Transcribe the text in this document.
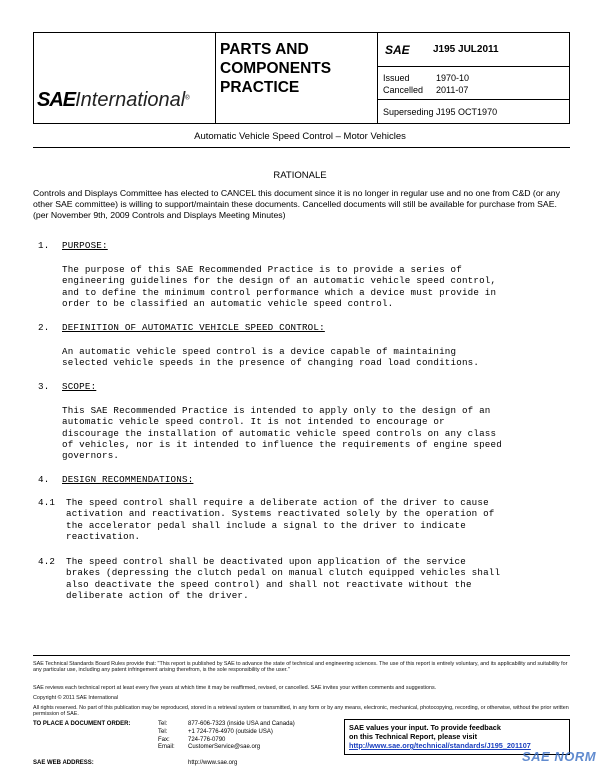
SAEInternational®
PARTS AND
COMPONENTS
PRACTICE
SAE J195 JUL2011
Issued	1970-10
Cancelled 2011-07
Superseding J195 OCT1970
Automatic Vehicle Speed Control – Motor Vehicles
RATIONALE
Controls and Displays Committee has elected to CANCEL this document since it is no longer in regular use and no one from C&D (or any other SAE committee) is willing to support/maintain these documents. Cancelled documents will still be available for purchase from SAE. (per November 9th, 2009 Controls and Displays Meeting Minutes)
1. PURPOSE:
The purpose of this SAE Recommended Practice is to provide a series of
engineering guidelines for the design of an automatic vehicle speed control,
and to define the minimum control performance which a device must provide in
order to be classified an automatic vehicle speed control.
2. DEFINITION OF AUTOMATIC VEHICLE SPEED CONTROL:
An automatic vehicle speed control is a device capable of maintaining
selected vehicle speeds in the presence of changing road load conditions.
3. SCOPE:
This SAE Recommended Practice is intended to apply only to the design of an
automatic vehicle speed control. It is not intended to encourage or
discourage the installation of automatic vehicle speed controls on any class
of vehicles, nor is it intended to influence the requirements of engine speed
governors.
4. DESIGN RECOMMENDATIONS:
4.1 The speed control shall require a deliberate action of the driver to cause
activation and reactivation. Systems reactivated solely by the operation of
the accelerator pedal shall include a signal to the driver to indicate
reactivation.
4.2 The speed control shall be deactivated upon application of the service
brakes (depressing the clutch pedal on manual clutch equipped vehicles shall
also deactivate the speed control) and shall not reactivate without the
deliberate action of the driver.
SAE Technical Standards Board Rules provide that: "This report is published by SAE to advance the state of technical and engineering sciences. The use of this report is entirely voluntary, and its applicability and suitability for any particular use, including any patent infringement arising therefrom, is the sole responsibility of the user."
SAE reviews each technical report at least every five years at which time it may be reaffirmed, revised, or cancelled. SAE invites your written comments and suggestions.
Copyright © 2011 SAE International
All rights reserved. No part of this publication may be reproduced, stored in a retrieval system or transmitted, in any form or by any means, electronic, mechanical, photocopying, recording, or otherwise, without the prior written permission of SAE.
TO PLACE A DOCUMENT ORDER:	Tel:	877-606-7323 (inside USA and Canada)
Tel:	+1 724-776-4970 (outside USA)
Fax:	724-776-0790
Email: CustomerService@sae.org
SAE WEB ADDRESS:	http://www.sae.org
SAE values your input. To provide feedback
on this Technical Report, please visit
http://www.sae.org/technical/standards/J195_201107
SAE NORM
